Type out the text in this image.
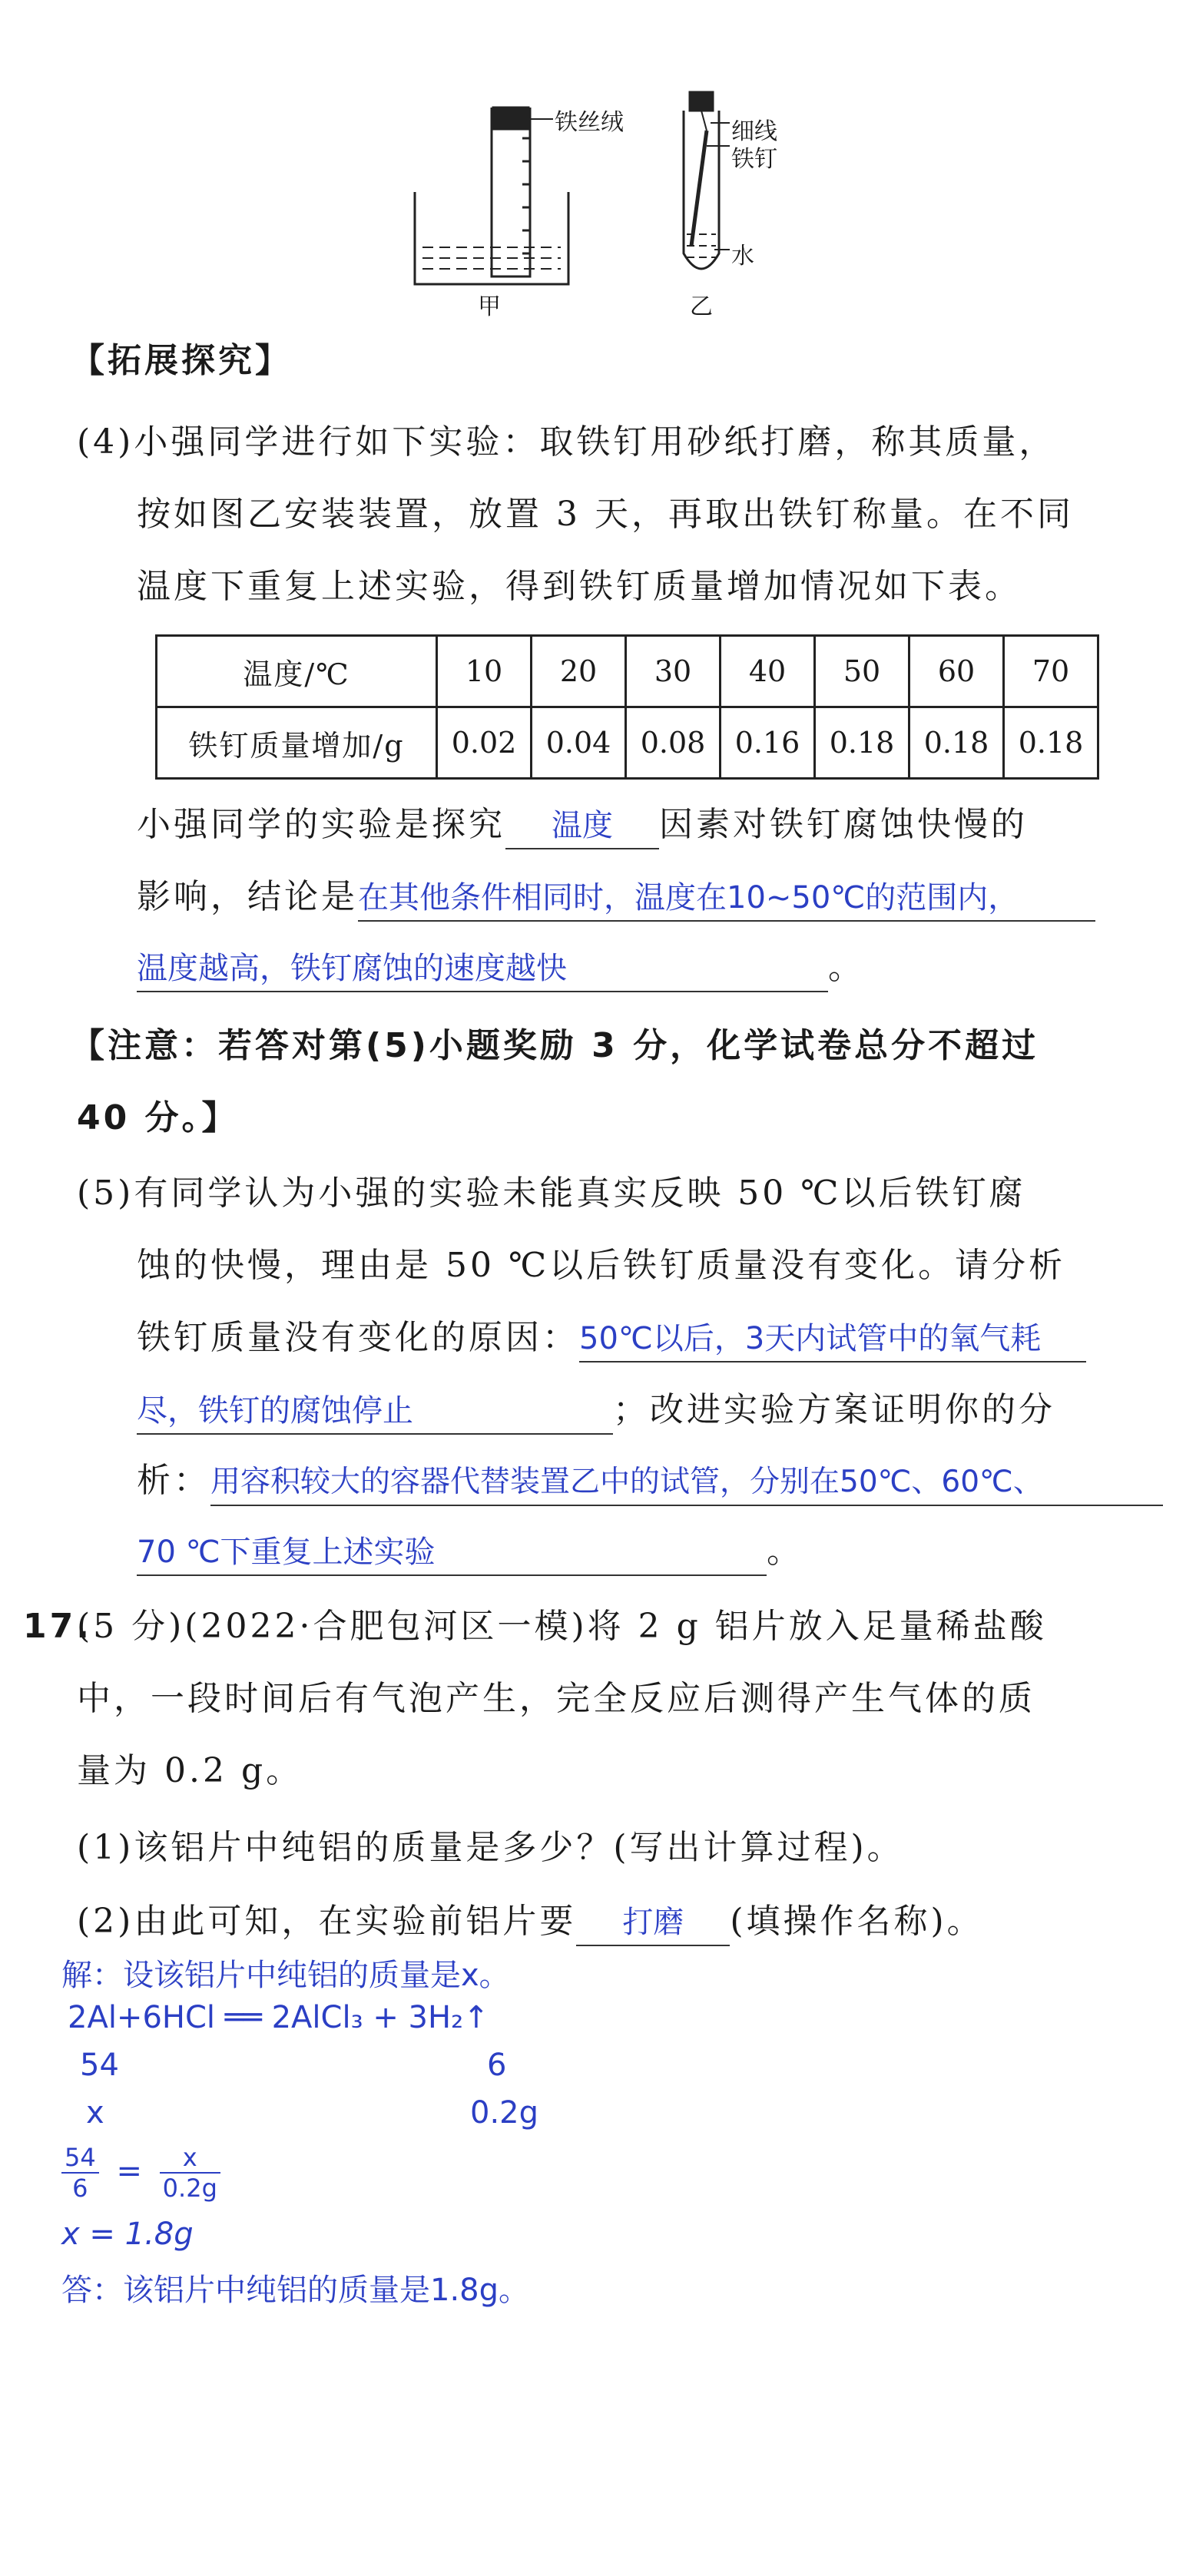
铁丝绒	细线
铁钉
水
甲	乙
【拓展探究】
(4)小强同学进行如下实验：取铁钉用砂纸打磨，称其质量，
按如图乙安装装置，放置 3 天，再取出铁钉称量。在不同
温度下重复上述实验，得到铁钉质量增加情况如下表。
温度/℃	10	20	30	40	50	60	70
铁钉质量增加/g	0.02	0.04	0.08	0.16	0.18	0.18	0.18
小强同学的实验是探究 温度 因素对铁钉腐蚀快慢的
影响，结论是在其他条件相同时，温度在10~50℃的范围内，
温度越高，铁钉腐蚀的速度越快	。
【注意：若答对第(5)小题奖励 3 分，化学试卷总分不超过
40 分。】
(5)有同学认为小强的实验未能真实反映 50 ℃以后铁钉腐
蚀的快慢，理由是 50 ℃以后铁钉质量没有变化。请分析
铁钉质量没有变化的原因：50℃以后，3天内试管中的氧气耗
尽，铁钉的腐蚀停止	；改进实验方案证明你的分
析：用容积较大的容器代替装置乙中的试管，分别在50℃、60℃、
70 ℃下重复上述实验	。
17.
(5 分)(2022·合肥包河区一模)将 2 g 铝片放入足量稀盐酸
中，一段时间后有气泡产生，完全反应后测得产生气体的质
量为 0.2 g。
(1)该铝片中纯铝的质量是多少？(写出计算过程)。
(2)由此可知，在实验前铝片要 打磨 (填操作名称)。
解：设该铝片中纯铝的质量是x。
2Al+6HCl ══ 2AlCl₃ + 3H₂↑
54	6
x	0.2g
$\frac{54}{6} = \frac{x}{0.2g}$
x = 1.8g
答：该铝片中纯铝的质量是1.8g。
